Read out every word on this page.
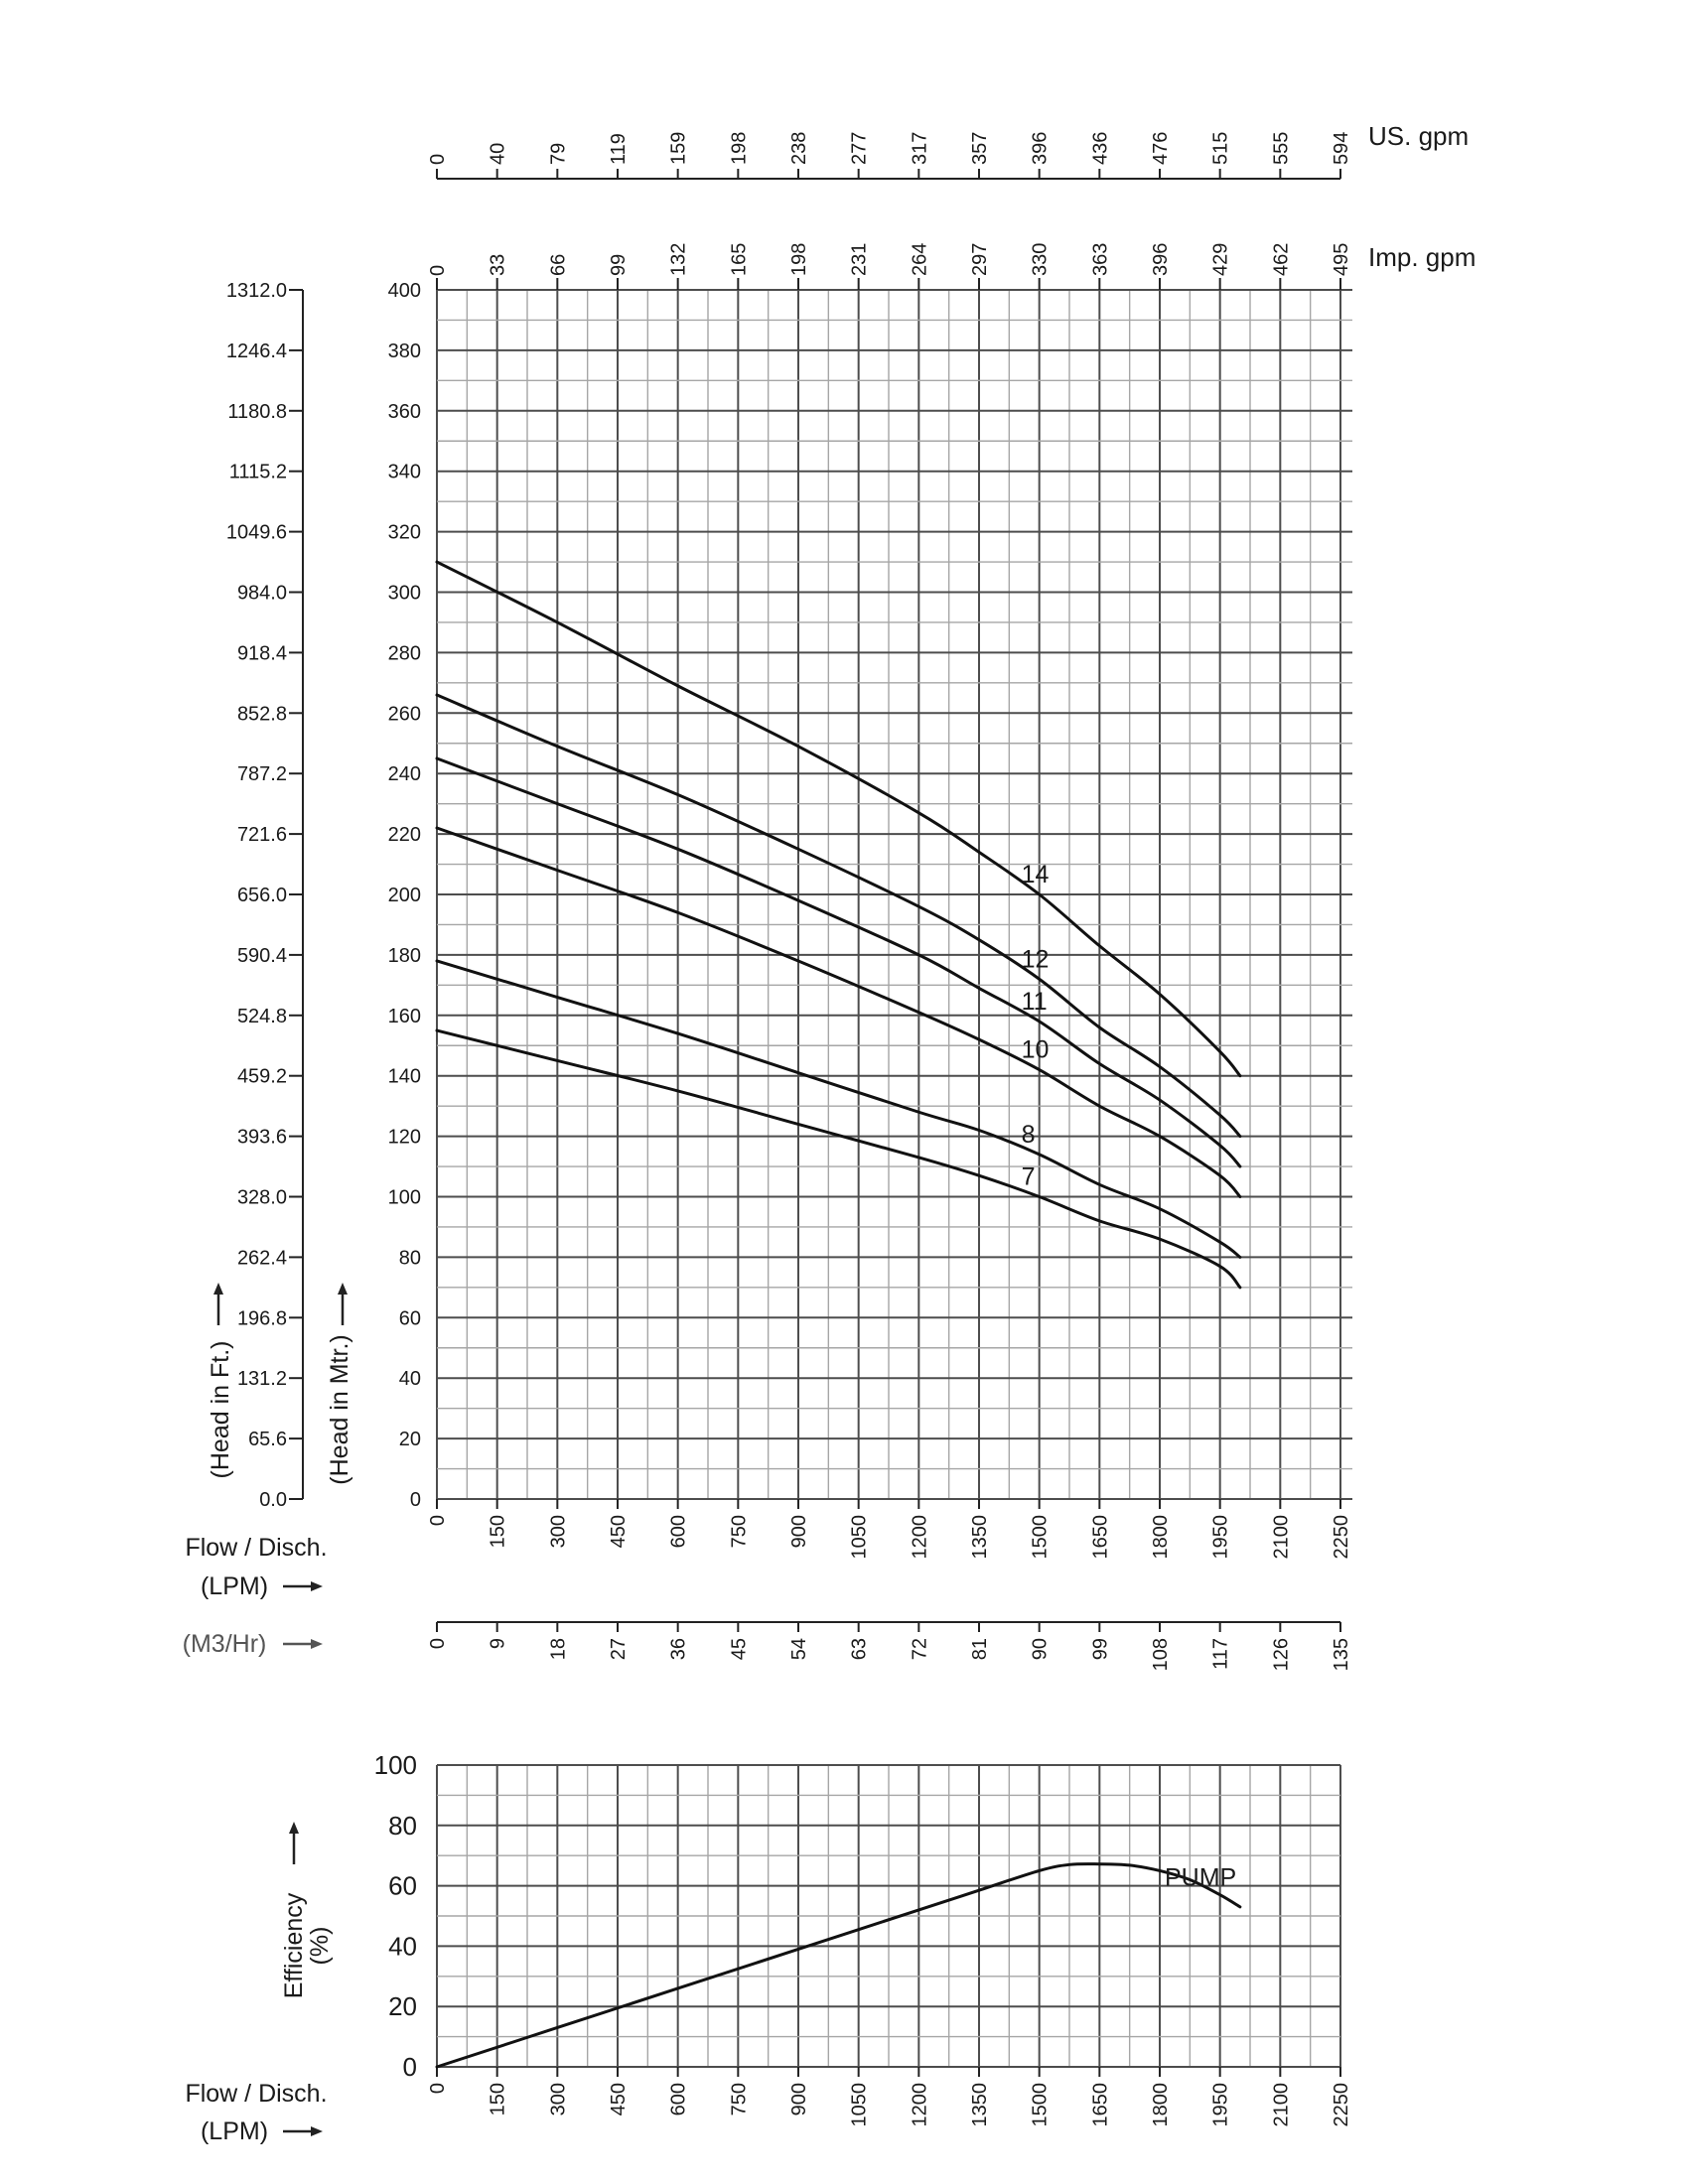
0
20
40
60
80
100
120
140
160
180
200
220
240
260
280
300
320
340
360
380
400
0.0
65.6
131.2
196.8
262.4
328.0
393.6
459.2
524.8
590.4
656.0
721.6
787.2
852.8
918.4
984.0
1049.6
1115.2
1180.8
1246.4
1312.0
0 150 300 450 600 750 900 1050 1200 1350 1500 1650 1800 1950 2100 2250
0 40 79 119 159 198 238 277 317 357 396 436 476 515 555 594
0 33 66 99 132 165 198 231 264 297 330 363 396 429 462 495
0 9 18 27 36 45 54 63 72 81 90 99 108 117 126 135
14
12
11
10
8
7
0
20
40
60
80
100
0 150 300 450 600 750 900 1050 1200 1350 1500 1650 1800 1950 2100 2250
PUMP
US. gpm
Imp. gpm
(Head in Ft.)	(Head in Mtr.)
Flow / Disch.
(LPM)
(M3/Hr)
Efficiency
(%)
Flow / Disch.
(LPM)
